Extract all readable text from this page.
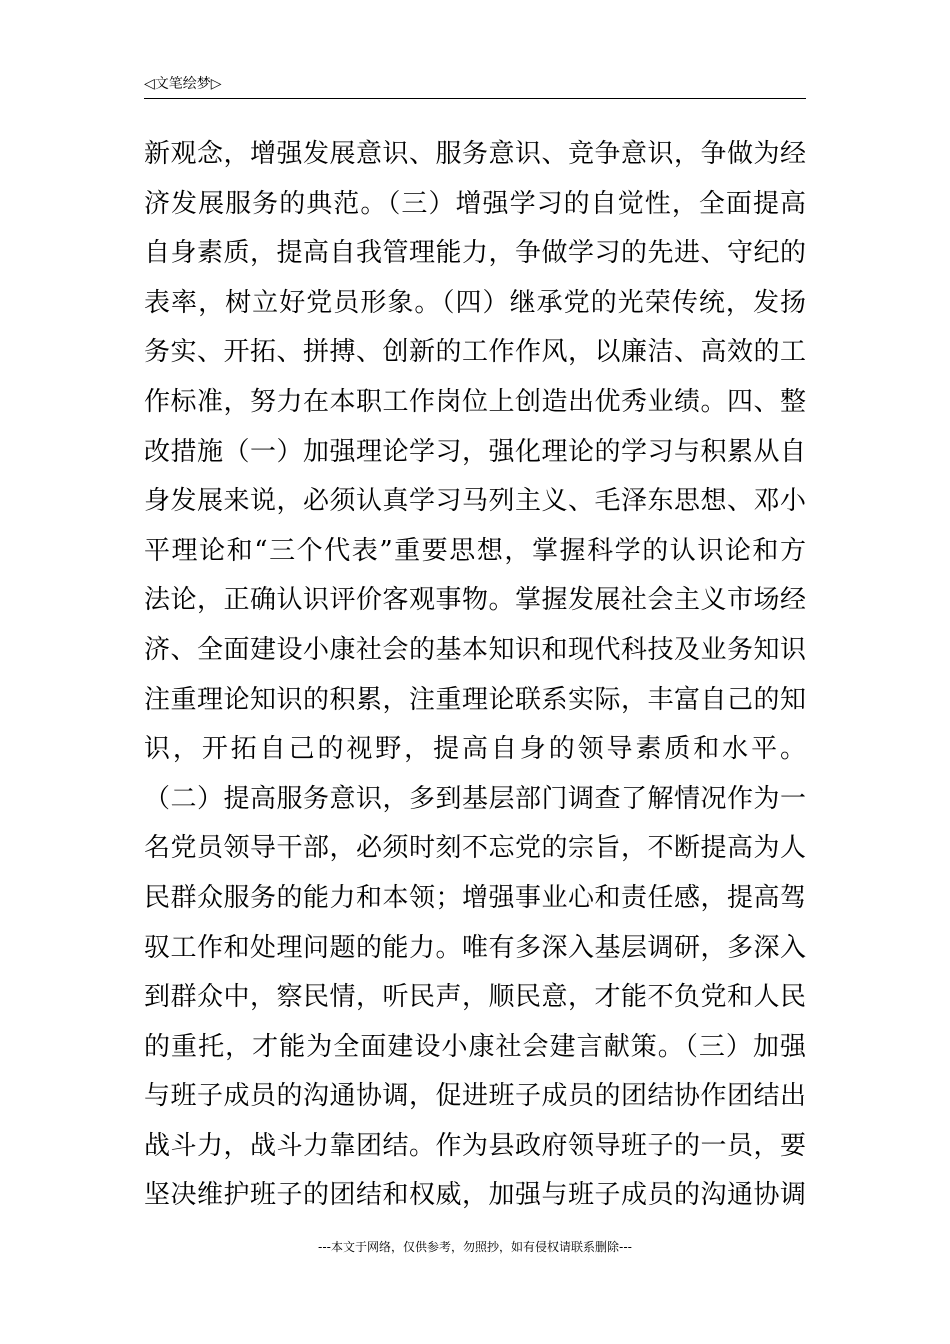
◁文笔绘梦▷
新观念，增强发展意识、服务意识、竞争意识，争做为经
济发展服务的典范。（三）增强学习的自觉性，全面提高
自身素质，提高自我管理能力，争做学习的先进、守纪的
表率，树立好党员形象。（四）继承党的光荣传统，发扬
务实、开拓、拼搏、创新的工作作风，以廉洁、高效的工
作标准，努力在本职工作岗位上创造出优秀业绩。四、整
改措施（一）加强理论学习，强化理论的学习与积累从自
身发展来说，必须认真学习马列主义、毛泽东思想、邓小
平理论和“三个代表”重要思想，掌握科学的认识论和方
法论，正确认识评价客观事物。掌握发展社会主义市场经
济、全面建设小康社会的基本知识和现代科技及业务知识
注重理论知识的积累，注重理论联系实际，丰富自己的知
识，开拓自己的视野，提高自身的领导素质和水平。
（二）提高服务意识，多到基层部门调查了解情况作为一
名党员领导干部，必须时刻不忘党的宗旨，不断提高为人
民群众服务的能力和本领；增强事业心和责任感，提高驾
驭工作和处理问题的能力。唯有多深入基层调研，多深入
到群众中，察民情，听民声，顺民意，才能不负党和人民
的重托，才能为全面建设小康社会建言献策。（三）加强
与班子成员的沟通协调，促进班子成员的团结协作团结出
战斗力，战斗力靠团结。作为县政府领导班子的一员，要
坚决维护班子的团结和权威，加强与班子成员的沟通协调
---本文于网络，仅供参考，勿照抄，如有侵权请联系删除---
